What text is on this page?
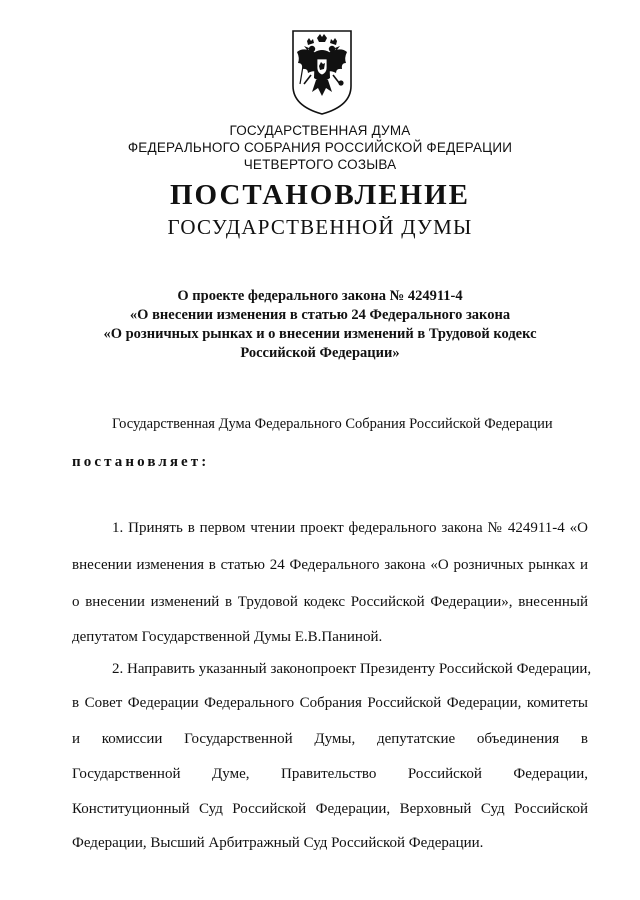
ГОСУДАРСТВЕННАЯ ДУМА
ФЕДЕРАЛЬНОГО СОБРАНИЯ РОССИЙСКОЙ ФЕДЕРАЦИИ
ЧЕТВЕРТОГО СОЗЫВА
ПОСТАНОВЛЕНИЕ
ГОСУДАРСТВЕННОЙ ДУМЫ
О проекте федерального закона № 424911-4
«О внесении изменения в статью 24 Федерального закона
«О розничных рынках и о внесении изменений в Трудовой кодекс
Российской Федерации»
Государственная Дума Федерального Собрания Российской Федерации
постановляет:
1. Принять в первом чтении проект федерального закона № 424911-4 «О
внесении изменения в статью 24 Федерального закона «О розничных рынках и
о внесении изменений в Трудовой кодекс Российской Федерации», внесенный
депутатом Государственной Думы Е.В.Паниной.
2. Направить указанный законопроект Президенту Российской Федерации,
в Совет Федерации Федерального Собрания Российской Федерации, комитеты
и комиссии Государственной Думы, депутатские объединения в
Государственной Думе, Правительство Российской Федерации,
Конституционный Суд Российской Федерации, Верховный Суд Российской
Федерации, Высший Арбитражный Суд Российской Федерации.
